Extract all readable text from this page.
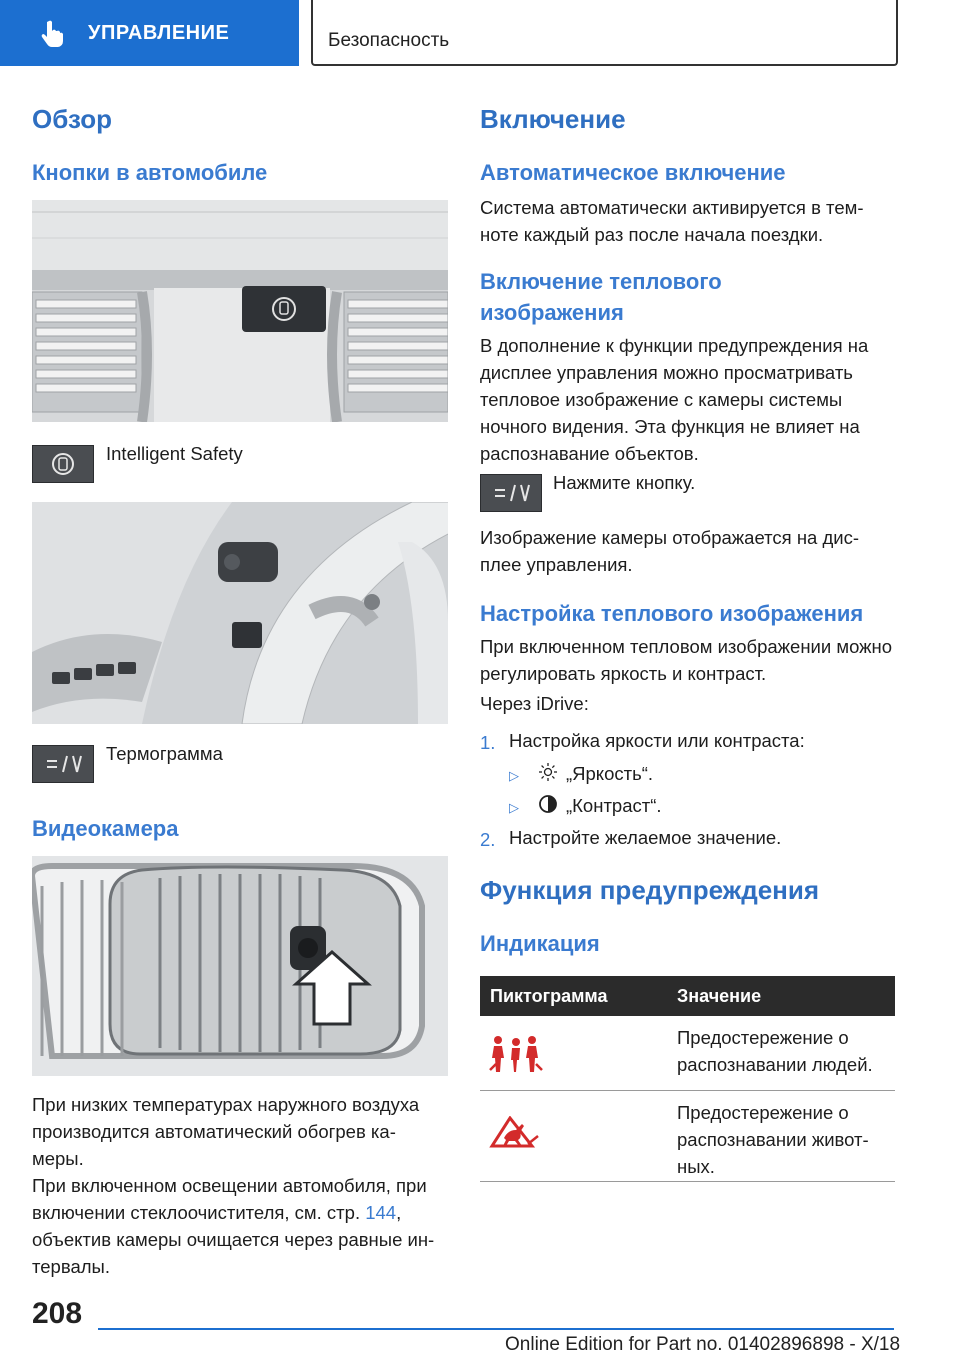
УПРАВЛЕНИЕ	Безопасность
Обзор
Кнопки в автомобиле

Intelligent Safety

Термограмма

Видеокамера

При низких температурах наружного воздуха производится автоматический обогрев ка- меры.

При включенном освещении автомобиля, при включении стеклоочистителя, см. стр. 144, объектив камеры очищается через равные ин- тервалы.

Включение
Автоматическое включение

Система автоматически активируется в тем- ноте каждый раз после начала поездки.

Включение теплового изображения

В дополнение к функции предупреждения на дисплее управления можно просматривать тепловое изображение с камеры системы ночного видения. Эта функция не влияет на распознавание объектов.

Нажмите кнопку.

Изображение камеры отображается на дис- плее управления.

Настройка теплового изображения

При включенном тепловом изображении можно регулировать яркость и контраст.

Через iDrive:

1. Настройка яркости или контраста:

▷	„Яркость“.

▷	„Контраст“.

2. Настройте желаемое значение.

Функция предупреждения
Индикация
Пиктограмма	Значение

Предостережение о распознавании людей.

Предостережение о распознавании живот- ных.

208
Online Edition for Part no. 01402896898 - X/18
